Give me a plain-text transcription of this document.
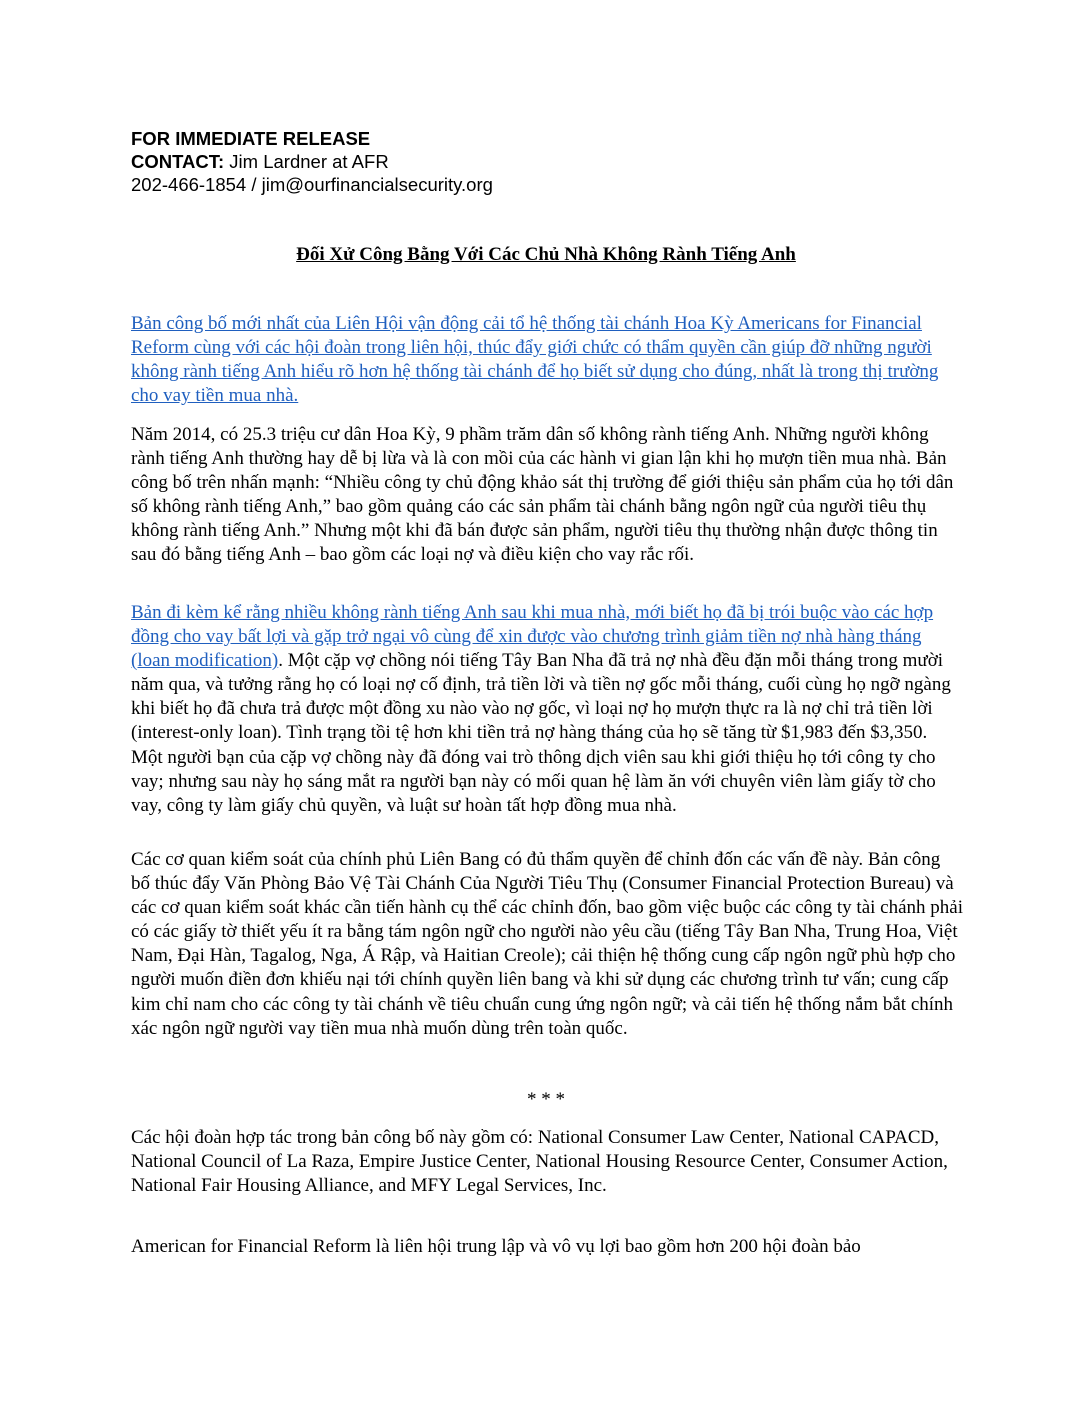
FOR IMMEDIATE RELEASE
CONTACT: Jim Lardner at AFR
202-466-1854 / jim@ourfinancialsecurity.org
Đối Xử Công Bằng Với Các Chủ Nhà Không Rành Tiếng Anh

Bản công bố mới nhất của Liên Hội vận động cải tổ hệ thống tài chánh Hoa Kỳ Americans for Financial Reform cùng với các hội đoàn trong liên hội, thúc đẩy giới chức có thẩm quyền cần giúp đỡ những người không rành tiếng Anh hiểu rõ hơn hệ thống tài chánh để họ biết sử dụng cho đúng, nhất là trong thị trường cho vay tiền mua nhà.

Năm 2014, có 25.3 triệu cư dân Hoa Kỳ, 9 phầm trăm dân số không rành tiếng Anh. Những người không rành tiếng Anh thường hay dễ bị lừa và là con mồi của các hành vi gian lận khi họ mượn tiền mua nhà. Bản công bố trên nhấn mạnh: “Nhiều công ty chủ động khảo sát thị trường để giới thiệu sản phẩm của họ tới dân số không rành tiếng Anh,” bao gồm quảng cáo các sản phẩm tài chánh bằng ngôn ngữ của người tiêu thụ không rành tiếng Anh.” Nhưng một khi đã bán được sản phẩm, người tiêu thụ thường nhận được thông tin sau đó bằng tiếng Anh – bao gồm các loại nợ và điều kiện cho vay rắc rối.

Bản đi kèm kể rằng nhiều không rành tiếng Anh sau khi mua nhà, mới biết họ đã bị trói buộc vào các hợp đồng cho vay bất lợi và gặp trở ngại vô cùng để xin được vào chương trình giảm tiền nợ nhà hàng tháng (loan modification). Một cặp vợ chồng nói tiếng Tây Ban Nha đã trả nợ nhà đều đặn mỗi tháng trong mười năm qua, và tưởng rằng họ có loại nợ cố định, trả tiền lời và tiền nợ gốc mỗi tháng, cuối cùng họ ngỡ ngàng khi biết họ đã chưa trả được một đồng xu nào vào nợ gốc, vì loại nợ họ mượn thực ra là nợ chỉ trả tiền lời (interest-only loan). Tình trạng tồi tệ hơn khi tiền trả nợ hàng tháng của họ sẽ tăng từ $1,983 đến $3,350. Một người bạn của cặp vợ chồng này đã đóng vai trò thông dịch viên sau khi giới thiệu họ tới công ty cho vay; nhưng sau này họ sáng mắt ra người bạn này có mối quan hệ làm ăn với chuyên viên làm giấy tờ cho vay, công ty làm giấy chủ quyền, và luật sư hoàn tất hợp đồng mua nhà.

Các cơ quan kiểm soát của chính phủ Liên Bang có đủ thẩm quyền để chỉnh đốn các vấn đề này. Bản công bố thúc đẩy Văn Phòng Bảo Vệ Tài Chánh Của Người Tiêu Thụ (Consumer Financial Protection Bureau) và các cơ quan kiểm soát khác cần tiến hành cụ thể các chỉnh đốn, bao gồm việc buộc các công ty tài chánh phải có các giấy tờ thiết yếu ít ra bằng tám ngôn ngữ cho người nào yêu cầu (tiếng Tây Ban Nha, Trung Hoa, Việt Nam, Đại Hàn, Tagalog, Nga, Á Rập, và Haitian Creole); cải thiện hệ thống cung cấp ngôn ngữ phù hợp cho người muốn điền đơn khiếu nại tới chính quyền liên bang và khi sử dụng các chương trình tư vấn; cung cấp kim chỉ nam cho các công ty tài chánh về tiêu chuẩn cung ứng ngôn ngữ; và cải tiến hệ thống nắm bắt chính xác ngôn ngữ người vay tiền mua nhà muốn dùng trên toàn quốc.

* * *

Các hội đoàn hợp tác trong bản công bố này gồm có: National Consumer Law Center, National CAPACD, National Council of La Raza, Empire Justice Center, National Housing Resource Center, Consumer Action, National Fair Housing Alliance, and MFY Legal Services, Inc.

American for Financial Reform là liên hội trung lập và vô vụ lợi bao gồm hơn 200 hội đoàn bảo
